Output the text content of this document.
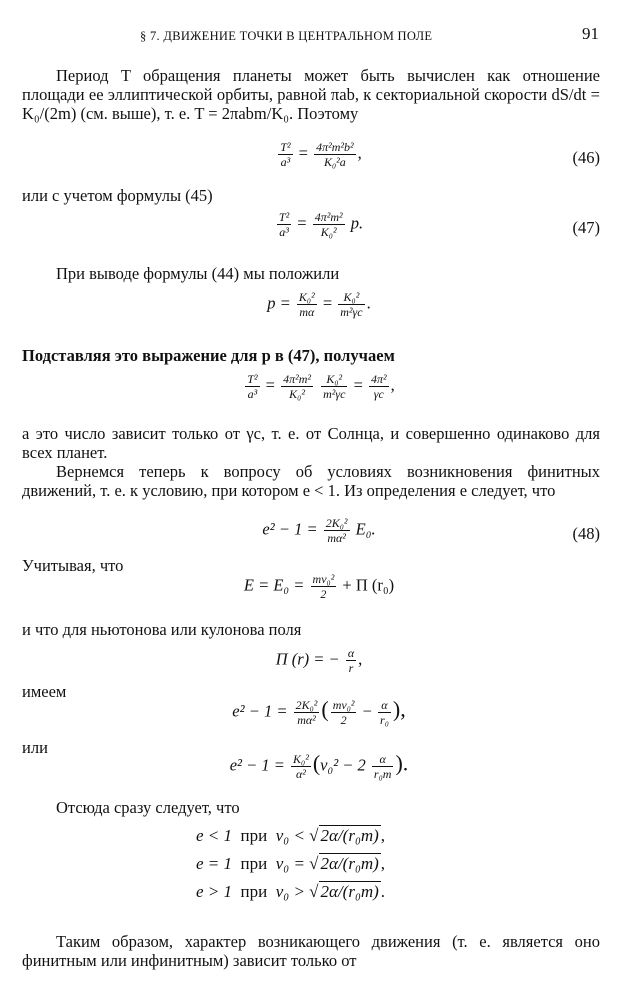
§ 7. ДВИЖЕНИЕ ТОЧКИ В ЦЕНТРАЛЬНОМ ПОЛЕ	91
Период T обращения планеты может быть вычислен как отношение площади ее эллиптической орбиты, равной πab, к секториальной скорости dS/dt = K₀/(2m) (см. выше), т. е. T = 2πabm/K₀. Поэтому
$\frac{\text{T²}}{\text{a³}} = \frac{\text{4π²m²b²}}{\text{K₀²a}}$ ,	(46)
или с учетом формулы (45)
$\frac{\text{T²}}{\text{a³}} = \frac{\text{4π²m²}}{\text{K₀²}} p$.	(47)
При выводе формулы (44) мы положили
$p = \frac{\text{K₀²}}{m\alpha} = \frac{\text{K₀²}}{\text{m²γc}}$ .
Подставляя это выражение для p в (47), получаем
$\frac{\text{T²}}{\text{a³}} = \frac{\text{4π²m²}}{\text{K₀²}}$
$\frac{\text{K₀²}}{\text{m²γc}} = \frac{\text{4π²}}{\gamma c}$ ,
а это число зависит только от γc, т. е. от Солнца, и совершенно одинаково для всех планет.
Вернемся теперь к вопросу об условиях возникновения финитных движений, т. е. к условию, при котором e < 1. Из определения e следует, что
$e^2 - 1 = \frac{\text{2K₀²}}{\text{mα²}} E_0$.	(48)
Учитывая, что
$E = E_0 = \frac{\text{mv₀²}}{2} + \Pi$ (r₀)
и что для ньютонова или кулонова поля
Π (r) = − $\frac{\alpha}{r}$ ,
имеем
$e^2 - 1 = \frac{\text{2K₀²}}{\text{mα²}}$ ( $\frac{\text{mv₀²}}{2} - \frac{\alpha}{\text{r₀}}$ ),
или
$e^2 - 1 = \frac{\text{K₀²}}{\text{α²}} (v_0^2 - 2 \frac{\alpha}{\text{r₀m}}$ ).
Отсюда сразу следует, что
e < 1 при v₀ < √ 2α/(r₀m) ,
e = 1 при v₀ = √ 2α/(r₀m) ,
e > 1 при v₀ > √ 2α/(r₀m) .
Таким образом, характер возникающего движения (т. е. является оно финитным или инфинитным) зависит только от
